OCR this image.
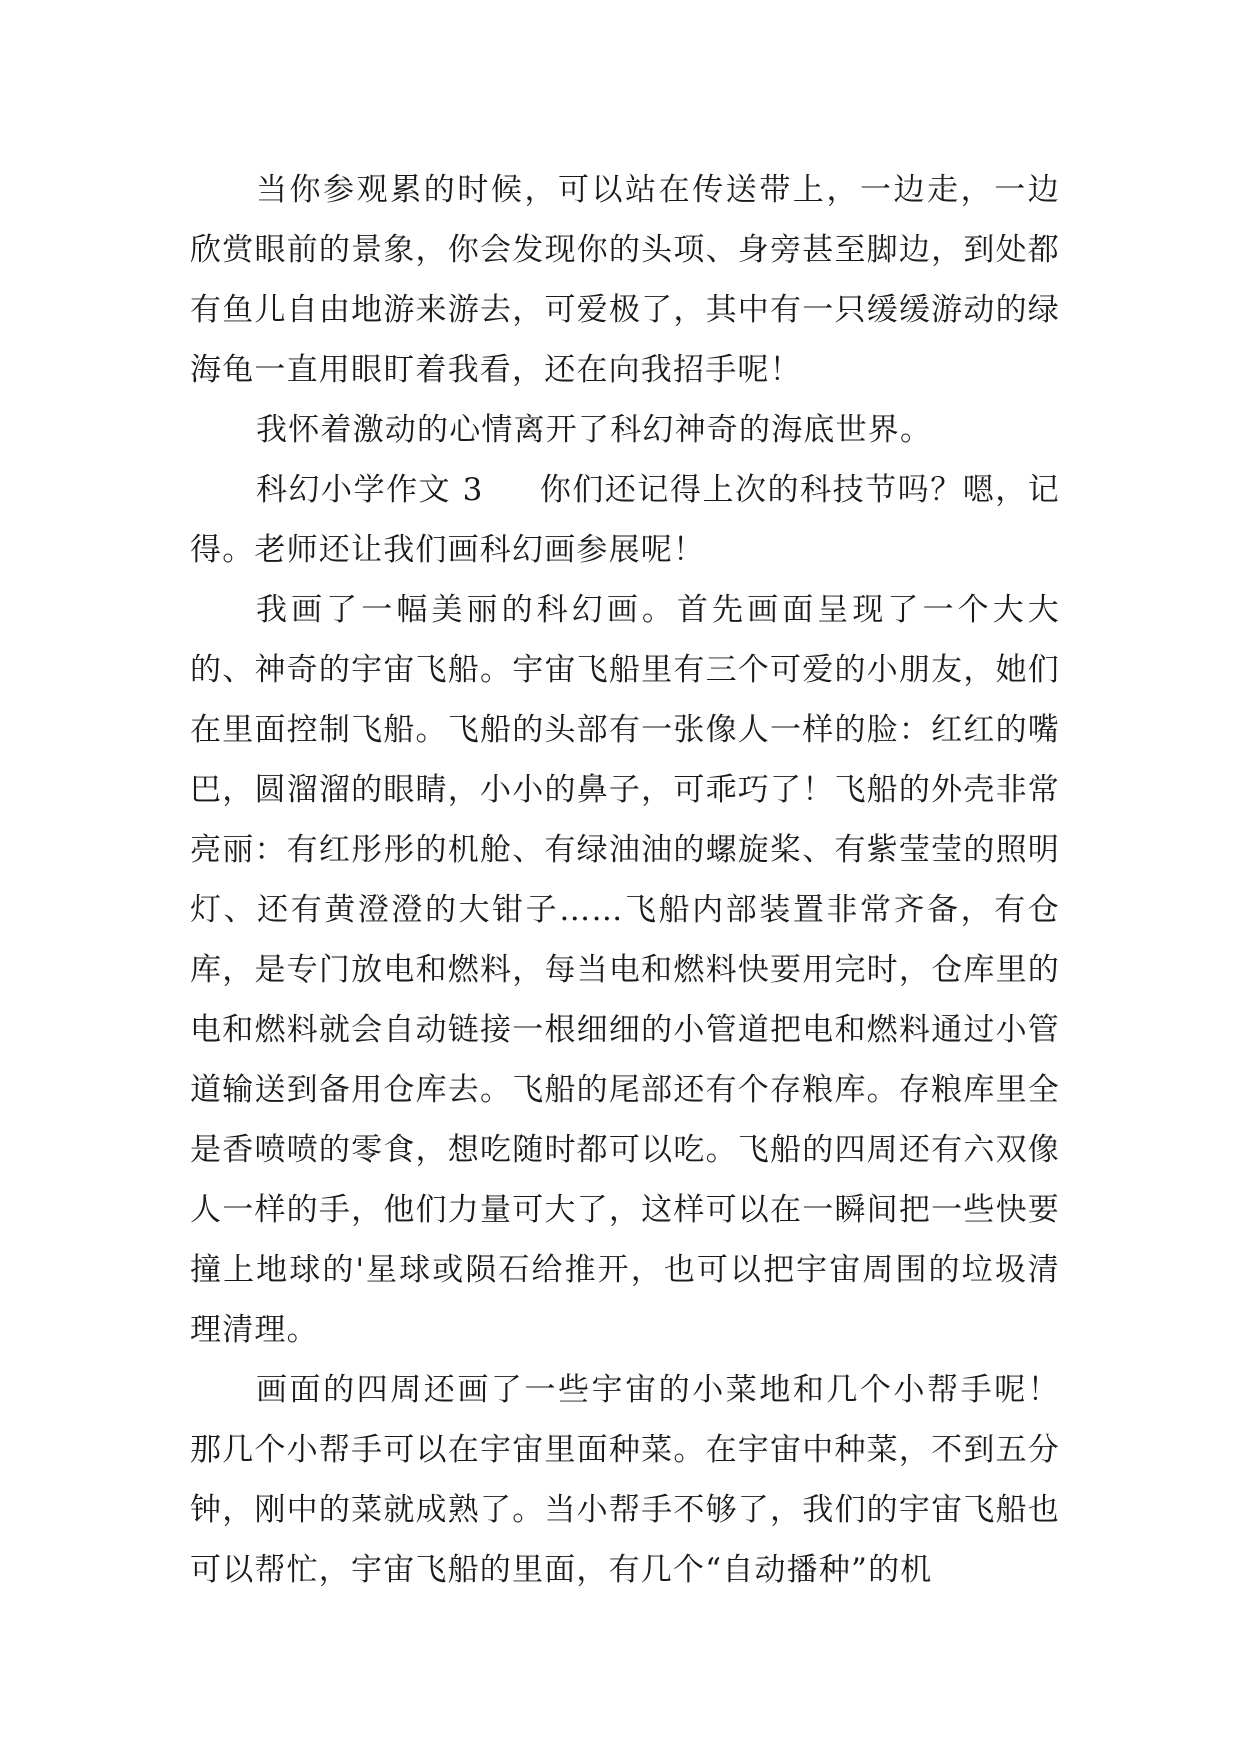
当你参观累的时候，可以站在传送带上，一边走，一边欣赏眼前的景象，你会发现你的头项、身旁甚至脚边，到处都有鱼儿自由地游来游去，可爱极了，其中有一只缓缓游动的绿海龟一直用眼盯着我看，还在向我招手呢！

我怀着激动的心情离开了科幻神奇的海底世界。

科幻小学作文 3 你们还记得上次的科技节吗？嗯，记得。老师还让我们画科幻画参展呢！

我画了一幅美丽的科幻画。首先画面呈现了一个大大的、神奇的宇宙飞船。宇宙飞船里有三个可爱的小朋友，她们在里面控制飞船。飞船的头部有一张像人一样的脸：红红的嘴巴，圆溜溜的眼睛，小小的鼻子，可乖巧了！飞船的外壳非常亮丽：有红彤彤的机舱、有绿油油的螺旋桨、有紫莹莹的照明灯、还有黄澄澄的大钳子……飞船内部装置非常齐备，有仓库，是专门放电和燃料，每当电和燃料快要用完时，仓库里的电和燃料就会自动链接一根细细的小管道把电和燃料通过小管道输送到备用仓库去。飞船的尾部还有个存粮库。存粮库里全是香喷喷的零食，想吃随时都可以吃。飞船的四周还有六双像人一样的手，他们力量可大了，这样可以在一瞬间把一些快要撞上地球的'星球或陨石给推开，也可以把宇宙周围的垃圾清理清理。

画面的四周还画了一些宇宙的小菜地和几个小帮手呢！那几个小帮手可以在宇宙里面种菜。在宇宙中种菜，不到五分钟，刚中的菜就成熟了。当小帮手不够了，我们的宇宙飞船也可以帮忙，宇宙飞船的里面，有几个“自动播种”的机
